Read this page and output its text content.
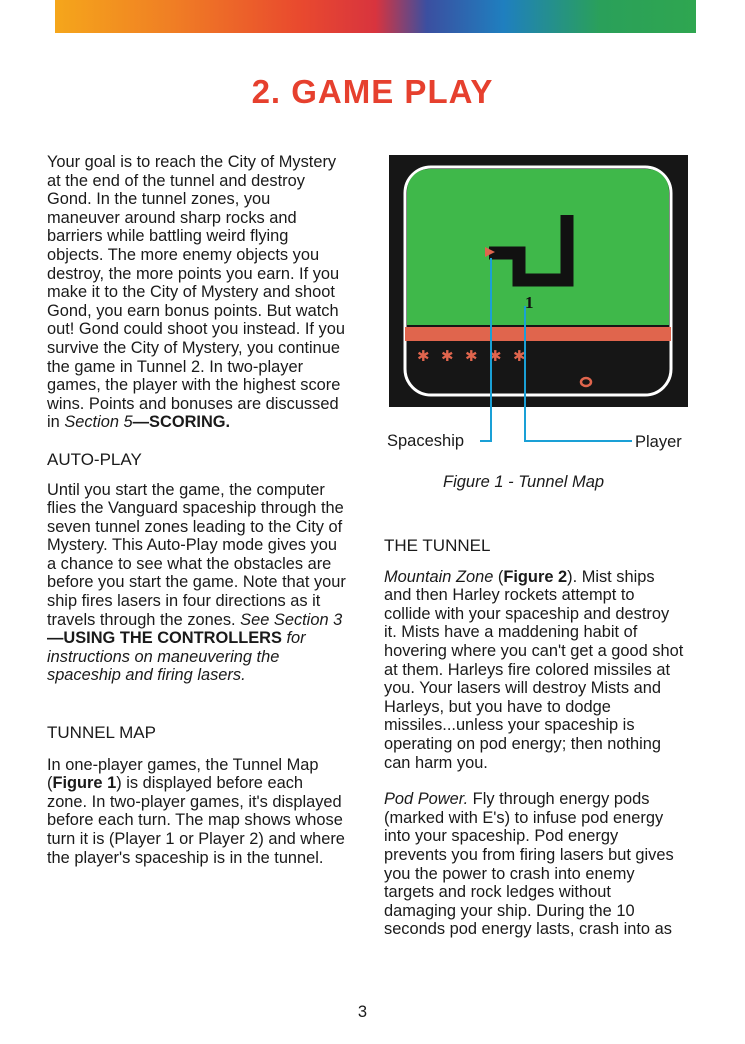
2. GAME PLAY

Your goal is to reach the City of Mystery at the end of the tunnel and destroy Gond. In the tunnel zones, you maneuver around sharp rocks and barriers while battling weird flying objects. The more enemy objects you destroy, the more points you earn. If you make it to the City of Mystery and shoot Gond, you earn bonus points. But watch out! Gond could shoot you instead. If you survive the City of Mystery, you continue the game in Tunnel 2. In two-player games, the player with the highest score wins. Points and bonuses are discussed in Section 5—SCORING.

AUTO-PLAY

Until you start the game, the computer flies the Vanguard spaceship through the seven tunnel zones leading to the City of Mystery. This Auto-Play mode gives you a chance to see what the obstacles are before you start the game. Note that your ship fires lasers in four directions as it travels through the zones. See Section 3—USING THE CONTROLLERS for instructions on maneuvering the spaceship and firing lasers.

TUNNEL MAP

In one-player games, the Tunnel Map (Figure 1) is displayed before each zone. In two-player games, it's displayed before each turn. The map shows whose turn it is (Player 1 or Player 2) and where the player's spaceship is in the tunnel.

1
✱ ✱ ✱ ✱ ✱
Spaceship	Player
Figure 1 - Tunnel Map

THE TUNNEL

Mountain Zone (Figure 2). Mist ships and then Harley rockets attempt to collide with your spaceship and destroy it. Mists have a maddening habit of hovering where you can't get a good shot at them. Harleys fire colored missiles at you. Your lasers will destroy Mists and Harleys, but you have to dodge missiles...unless your spaceship is operating on pod energy; then nothing can harm you.

Pod Power. Fly through energy pods (marked with E's) to infuse pod energy into your spaceship. Pod energy prevents you from firing lasers but gives you the power to crash into enemy targets and rock ledges without damaging your ship. During the 10 seconds pod energy lasts, crash into as

3
